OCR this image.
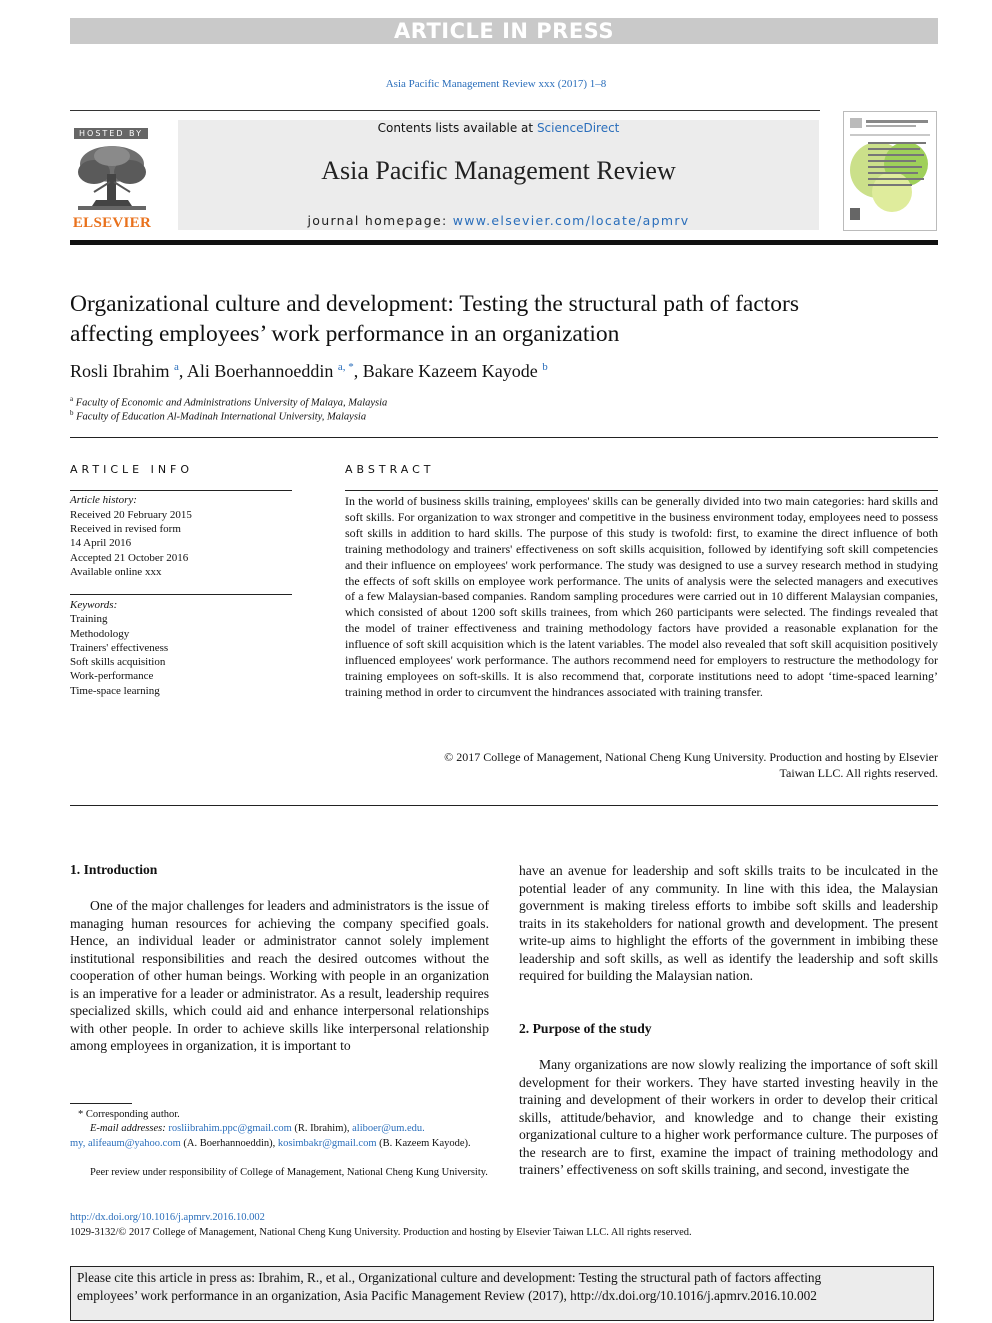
ARTICLE IN PRESS
Asia Pacific Management Review xxx (2017) 1–8
HOSTED BY
ELSEVIER
Contents lists available at ScienceDirect
Asia Pacific Management Review
journal homepage: www.elsevier.com/locate/apmrv
Organizational culture and development: Testing the structural path of factors
affecting employees’ work performance in an organization
Rosli Ibrahim $^a$, Ali Boerhannoeddin $^{a, *}$, Bakare Kazeem Kayode $^b$
$^a$ Faculty of Economic and Administrations University of Malaya, Malaysia
$^b$ Faculty of Education Al-Madinah International University, Malaysia
ARTICLE INFO
Article history:
Received 20 February 2015
Received in revised form
14 April 2016
Accepted 21 October 2016
Available online xxx
Keywords:
Training
Methodology
Trainers' effectiveness
Soft skills acquisition
Work-performance
Time-space learning
ABSTRACT
In the world of business skills training, employees' skills can be generally divided into two main categories: hard skills and soft skills. For organization to wax stronger and competitive in the business environment today, employees need to possess soft skills in addition to hard skills. The purpose of this study is twofold: first, to examine the direct influence of both training methodology and trainers' effectiveness on soft skills acquisition, followed by identifying soft skill competencies and their influence on employees' work performance. The study was designed to use a survey research method in studying the effects of soft skills on employee work performance. The units of analysis were the selected managers and executives of a few Malaysian-based companies. Random sampling procedures were carried out in 10 different Malaysian companies, which consisted of about 1200 soft skills trainees, from which 260 participants were selected. The findings revealed that the model of trainer effectiveness and training methodology factors have provided a reasonable explanation for the influence of soft skill acquisition which is the latent variables. The model also revealed that soft skill acquisition positively influenced employees' work performance. The authors recommend need for employers to restructure the methodology for training employees on soft-skills. It is also recommend that, corporate institutions need to adopt ‘time-spaced learning’ training method in order to circumvent the hindrances associated with training transfer.
© 2017 College of Management, National Cheng Kung University. Production and hosting by Elsevier
Taiwan LLC. All rights reserved.
1. Introduction

One of the major challenges for leaders and administrators is the issue of managing human resources for achieving the company specified goals. Hence, an individual leader or administrator cannot solely implement institutional responsibilities and reach the desired outcomes without the cooperation of other human beings. Working with people in an organization is an imperative for a leader or administrator. As a result, leadership requires specialized skills, which could aid and enhance interpersonal relationships with other people. In order to achieve skills like interpersonal relationship among employees in organization, it is important to

have an avenue for leadership and soft skills traits to be inculcated in the potential leader of any community. In line with this idea, the Malaysian government is making tireless efforts to imbibe soft skills and leadership traits in its stakeholders for national growth and development. The present write-up aims to highlight the efforts of the government in imbibing these leadership and soft skills, as well as identify the leadership and soft skills required for building the Malaysian nation.

2. Purpose of the study

Many organizations are now slowly realizing the importance of soft skill development for their workers. They have started investing heavily in the training and development of their workers in order to develop their critical skills, attitude/behavior, and knowledge and to change their existing organizational culture to a higher work performance culture. The purposes of the research are to first, examine the impact of training methodology and trainers’ effectiveness on soft skills training, and second, investigate the

* Corresponding author.
E-mail addresses: rosliibrahim.ppc@gmail.com (R. Ibrahim), aliboer@um.edu.
my, alifeaum@yahoo.com (A. Boerhannoeddin), kosimbakr@gmail.com (B. Kazeem Kayode).
Peer review under responsibility of College of Management, National Cheng Kung University.
http://dx.doi.org/10.1016/j.apmrv.2016.10.002
1029-3132/© 2017 College of Management, National Cheng Kung University. Production and hosting by Elsevier Taiwan LLC. All rights reserved.
Please cite this article in press as: Ibrahim, R., et al., Organizational culture and development: Testing the structural path of factors affecting
employees’ work performance in an organization, Asia Pacific Management Review (2017), http://dx.doi.org/10.1016/j.apmrv.2016.10.002
